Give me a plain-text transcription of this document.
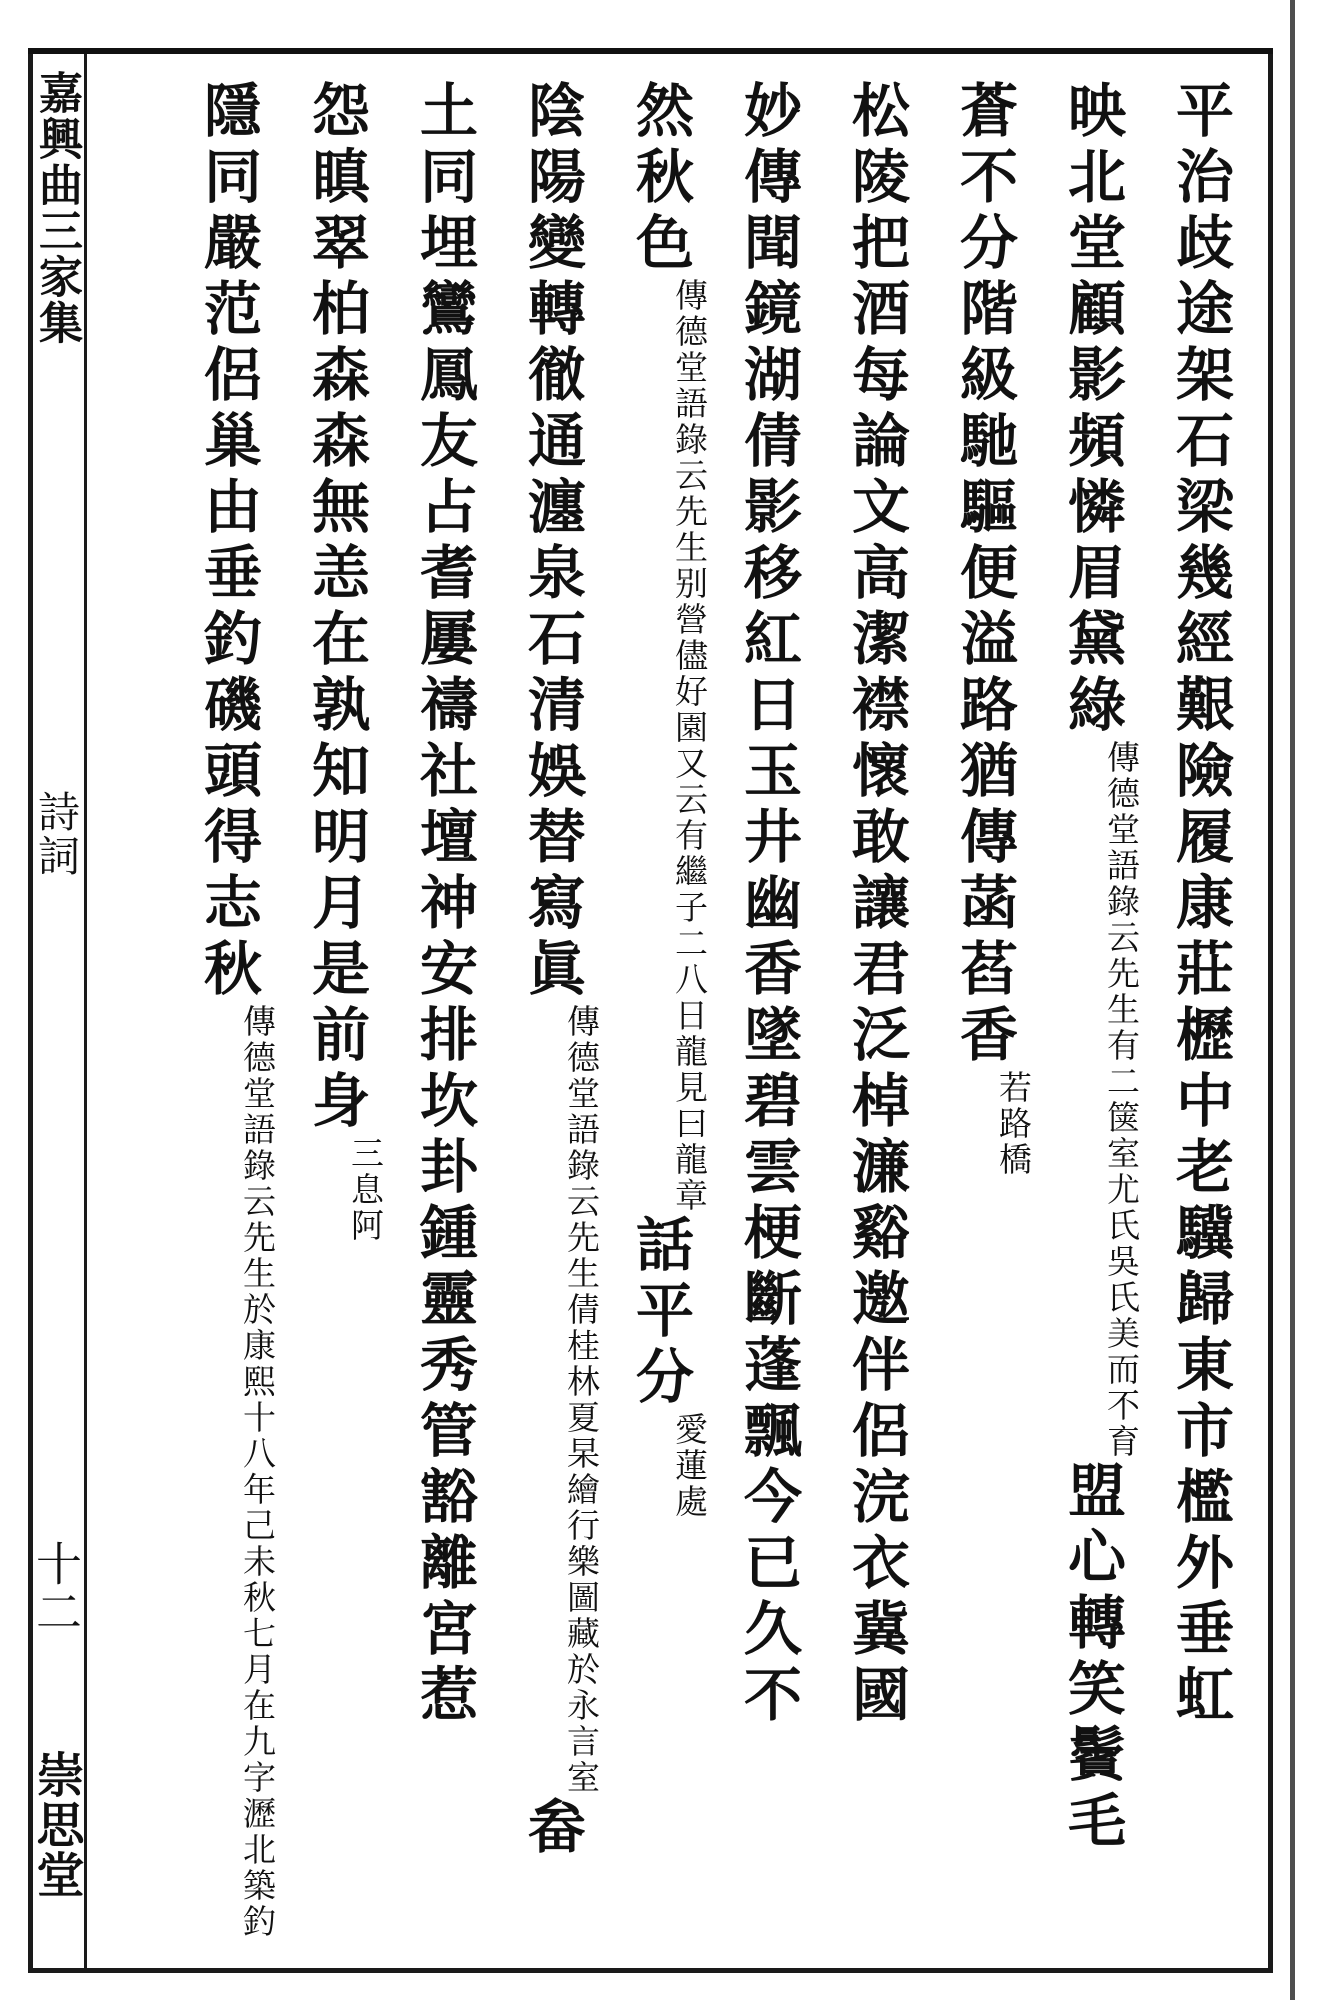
嘉興曲三家集
詩詞
十二
崇思堂
平治歧途架石梁幾經艱險履康莊櫪中老驥歸東市檻外垂虹
映北堂顧影頻憐眉黛綠傳德堂語錄云先生有二箧室尤氏吳氏美而不育盟心轉笑鬢毛
蒼不分階級馳驅便溢路猶傳菡萏香若路橋
松陵把酒每論文高潔襟懷敢讓君泛棹濂谿邀伴侶浣衣冀國
妙傳聞鏡湖倩影移紅日玉井幽香墜碧雲梗斷蓬飄今已久不
然秋色傳德堂語錄云先生别營儘好園又云有繼子二八日龍見曰龍章話平分愛蓮處
陰陽變轉徹通瀍泉石清娛替寫眞傳德堂語錄云先生倩桂林夏杲繪行樂圖藏於永言室畚
土同埋鸞鳳友占耆屢禱社壇神安排坎卦鍾靈秀管豁離宮惹
怨瞋翠柏森森無恙在孰知明月是前身三息阿
隱同嚴范侶巢由垂釣磯頭得志秋傳德堂語錄云先生於康熙十八年己未秋七月在九字瀝北築釣
